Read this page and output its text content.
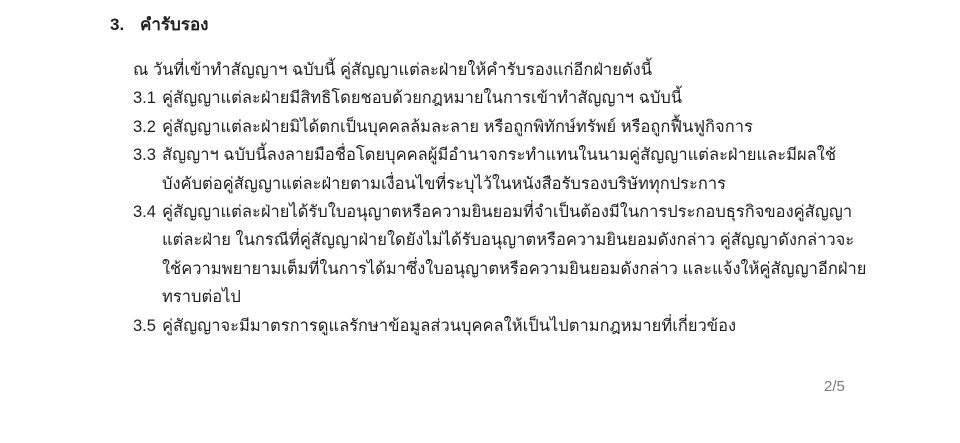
3. คำรับรอง

ณ วันที่เข้าทำสัญญาฯ ฉบับนี้ คู่สัญญาแต่ละฝ่ายให้คำรับรองแก่อีกฝ่ายดังนี้

3.1 คู่สัญญาแต่ละฝ่ายมีสิทธิโดยชอบด้วยกฎหมายในการเข้าทำสัญญาฯ ฉบับนี้
3.2 คู่สัญญาแต่ละฝ่ายมิได้ตกเป็นบุคคลล้มละลาย หรือถูกพิทักษ์ทรัพย์ หรือถูกฟื้นฟูกิจการ
3.3 สัญญาฯ ฉบับนี้ลงลายมือชื่อโดยบุคคลผู้มีอำนาจกระทำแทนในนามคู่สัญญาแต่ละฝ่ายและมีผลใช้บังคับต่อคู่สัญญาแต่ละฝ่ายตามเงื่อนไขที่ระบุไว้ในหนังสือรับรองบริษัททุกประการ
3.4 คู่สัญญาแต่ละฝ่ายได้รับใบอนุญาตหรือความยินยอมที่จำเป็นต้องมีในการประกอบธุรกิจของคู่สัญญาแต่ละฝ่าย ในกรณีที่คู่สัญญาฝ่ายใดยังไม่ได้รับอนุญาตหรือความยินยอมดังกล่าว คู่สัญญาดังกล่าวจะใช้ความพยายามเต็มที่ในการได้มาซึ่งใบอนุญาตหรือความยินยอมดังกล่าว และแจ้งให้คู่สัญญาอีกฝ่ายทราบต่อไป
3.5 คู่สัญญาจะมีมาตรการดูแลรักษาข้อมูลส่วนบุคคลให้เป็นไปตามกฎหมายที่เกี่ยวข้อง
2/5
